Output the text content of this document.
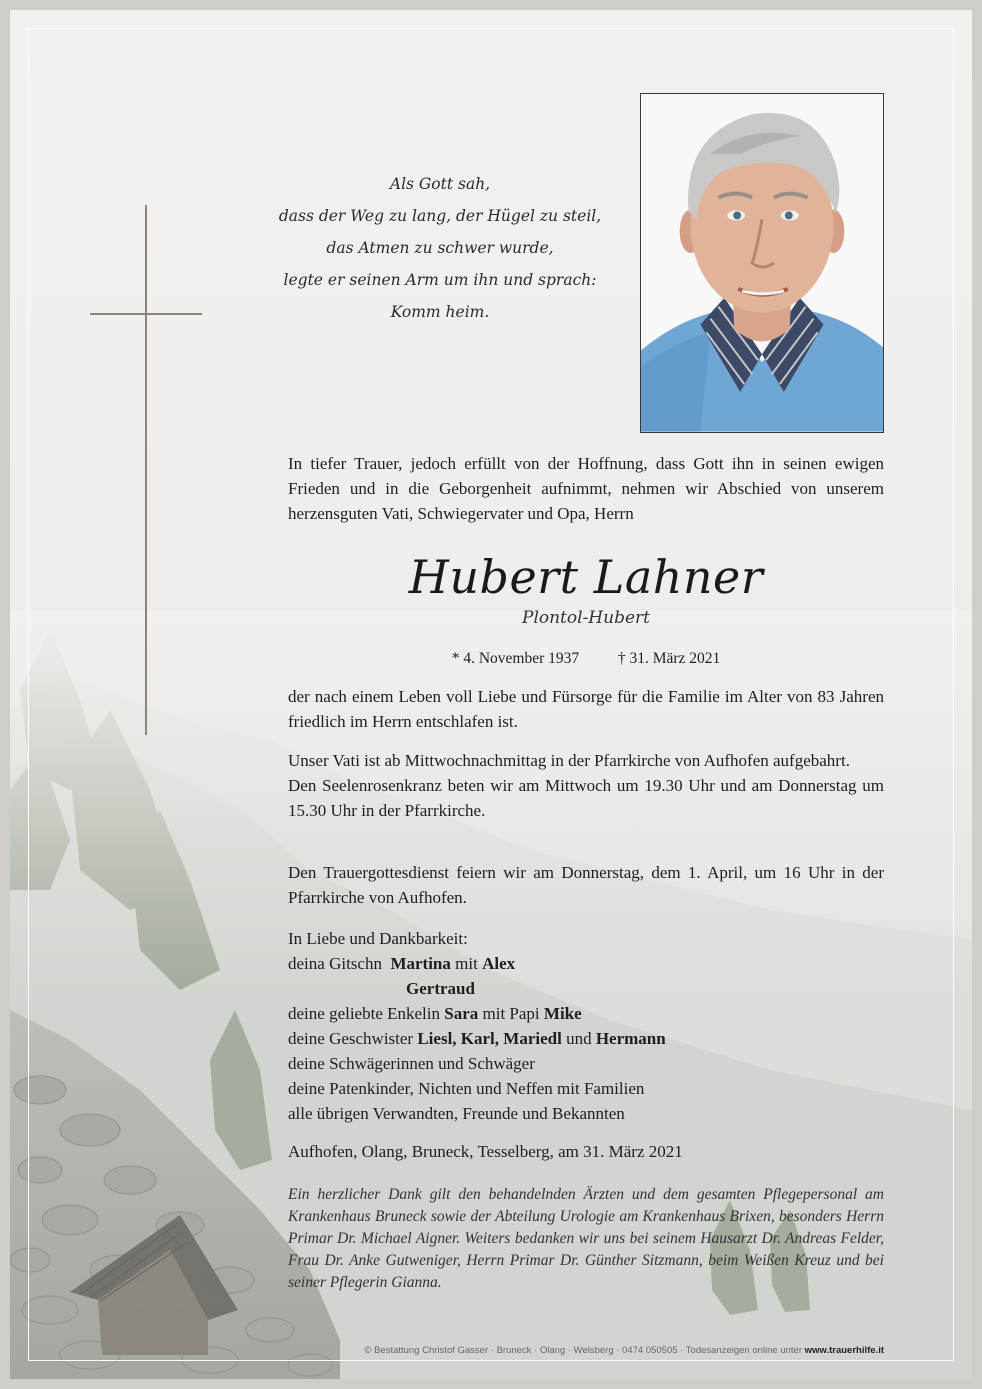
Als Gott sah,
dass der Weg zu lang, der Hügel zu steil,
das Atmen zu schwer wurde,
legte er seinen Arm um ihn und sprach:
Komm heim.
In tiefer Trauer, jedoch erfüllt von der Hoffnung, dass Gott ihn in seinen ewigen Frieden und in die Geborgenheit aufnimmt, nehmen wir Abschied von unserem herzensguten Vati, Schwiegervater und Opa, Herrn
Hubert Lahner
Plontol-Hubert
* 4. November 1937	† 31. März 2021
der nach einem Leben voll Liebe und Fürsorge für die Familie im Alter von 83 Jahren friedlich im Herrn entschlafen ist.
Unser Vati ist ab Mittwochnachmittag in der Pfarrkirche von Aufhofen aufgebahrt.
Den Seelenrosenkranz beten wir am Mittwoch um 19.30 Uhr und am Donnerstag um 15.30 Uhr in der Pfarrkirche.
Den Trauergottesdienst feiern wir am Donnerstag, dem 1. April, um 16 Uhr in der Pfarrkirche von Aufhofen.
In Liebe und Dankbarkeit:
deina Gitschn Martina mit Alex
Gertraud
deine geliebte Enkelin Sara mit Papi Mike
deine Geschwister Liesl, Karl, Mariedl und Hermann
deine Schwägerinnen und Schwäger
deine Patenkinder, Nichten und Neffen mit Familien
alle übrigen Verwandten, Freunde und Bekannten
Aufhofen, Olang, Bruneck, Tesselberg, am 31. März 2021
Ein herzlicher Dank gilt den behandelnden Ärzten und dem gesamten Pflegepersonal am Krankenhaus Bruneck sowie der Abteilung Urologie am Krankenhaus Brixen, besonders Herrn Primar Dr. Michael Aigner. Weiters bedanken wir uns bei seinem Hausarzt Dr. Andreas Felder, Frau Dr. Anke Gutweniger, Herrn Primar Dr. Günther Sitzmann, beim Weißen Kreuz und bei seiner Pflegerin Gianna.
© Bestattung Christof Gasser · Bruneck · Olang · Welsberg · 0474 050505 · Todesanzeigen online unter www.trauerhilfe.it
